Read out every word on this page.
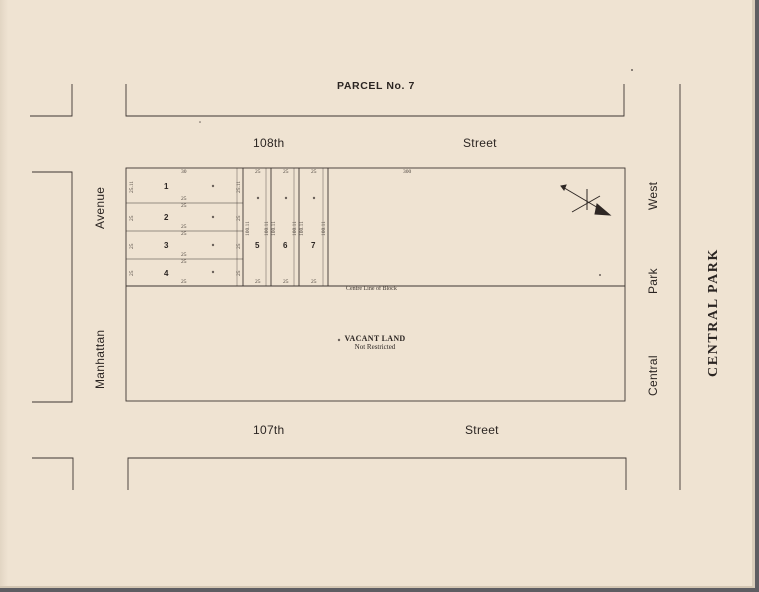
PARCEL No. 7
108th	Street
107th	Street
Avenue
Manhattan
West
Park
Central	CENTRAL PARK
30	25	25	25	300
25.11
25
25
25
25.11
25
25
25
25
25
25
25
25
25
25
100.11 100.11 100.11	100.11 100.11	100.11
25	25	25
1
2
3
4
5	6	7
Centre Line of Block
VACANT LAND
Not Restricted
